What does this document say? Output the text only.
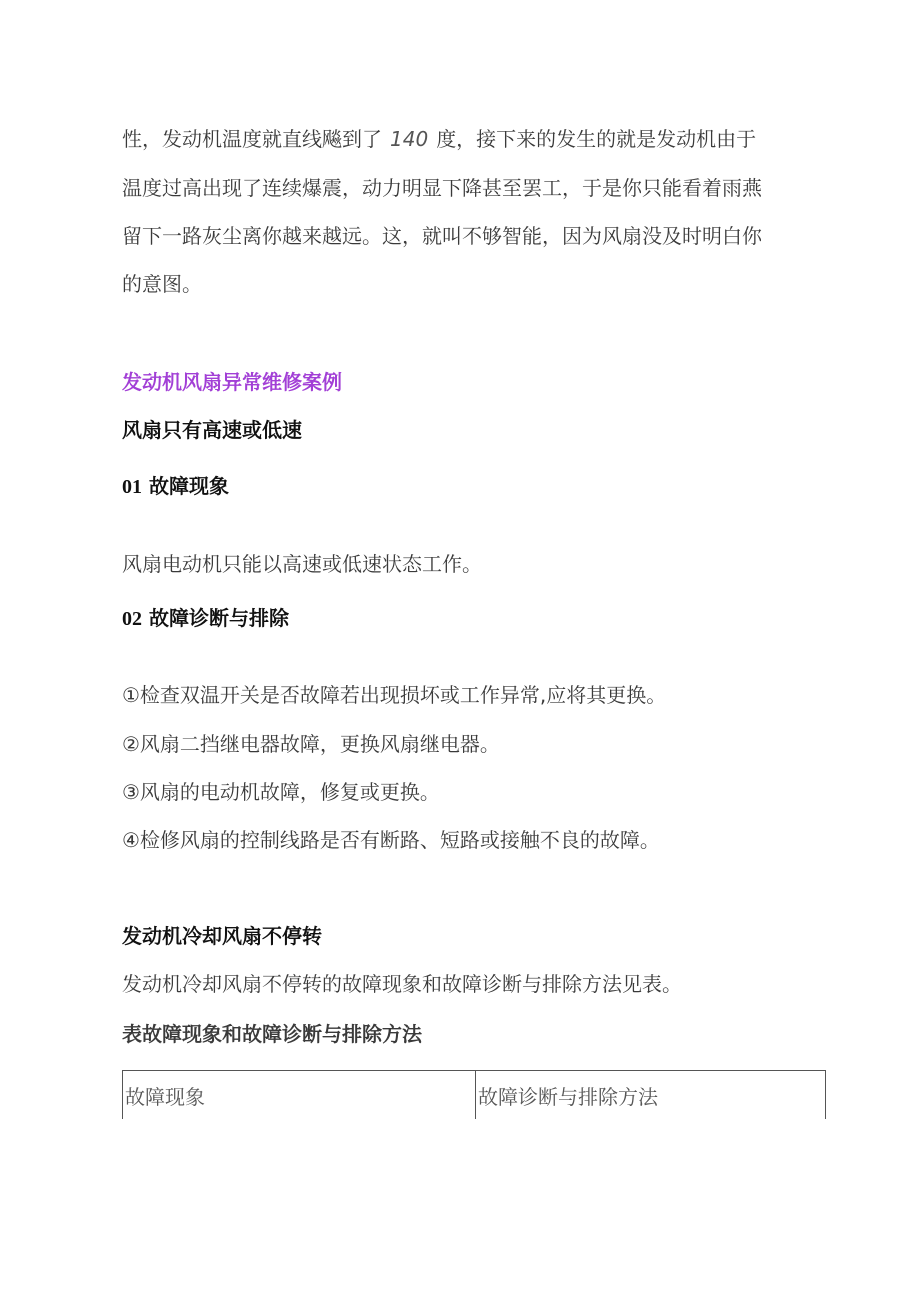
性，发动机温度就直线飚到了 140 度，接下来的发生的就是发动机由于

温度过高出现了连续爆震，动力明显下降甚至罢工，于是你只能看着雨燕

留下一路灰尘离你越来越远。这，就叫不够智能，因为风扇没及时明白你

的意图。

发动机风扇异常维修案例

风扇只有高速或低速

01 故障现象

风扇电动机只能以高速或低速状态工作。

02 故障诊断与排除

①检查双温开关是否故障若出现损坏或工作异常,应将其更换。

②风扇二挡继电器故障，更换风扇继电器。

③风扇的电动机故障，修复或更换。

④检修风扇的控制线路是否有断路、短路或接触不良的故障。

发动机冷却风扇不停转

发动机冷却风扇不停转的故障现象和故障诊断与排除方法见表。

表故障现象和故障诊断与排除方法

故障现象	故障诊断与排除方法
